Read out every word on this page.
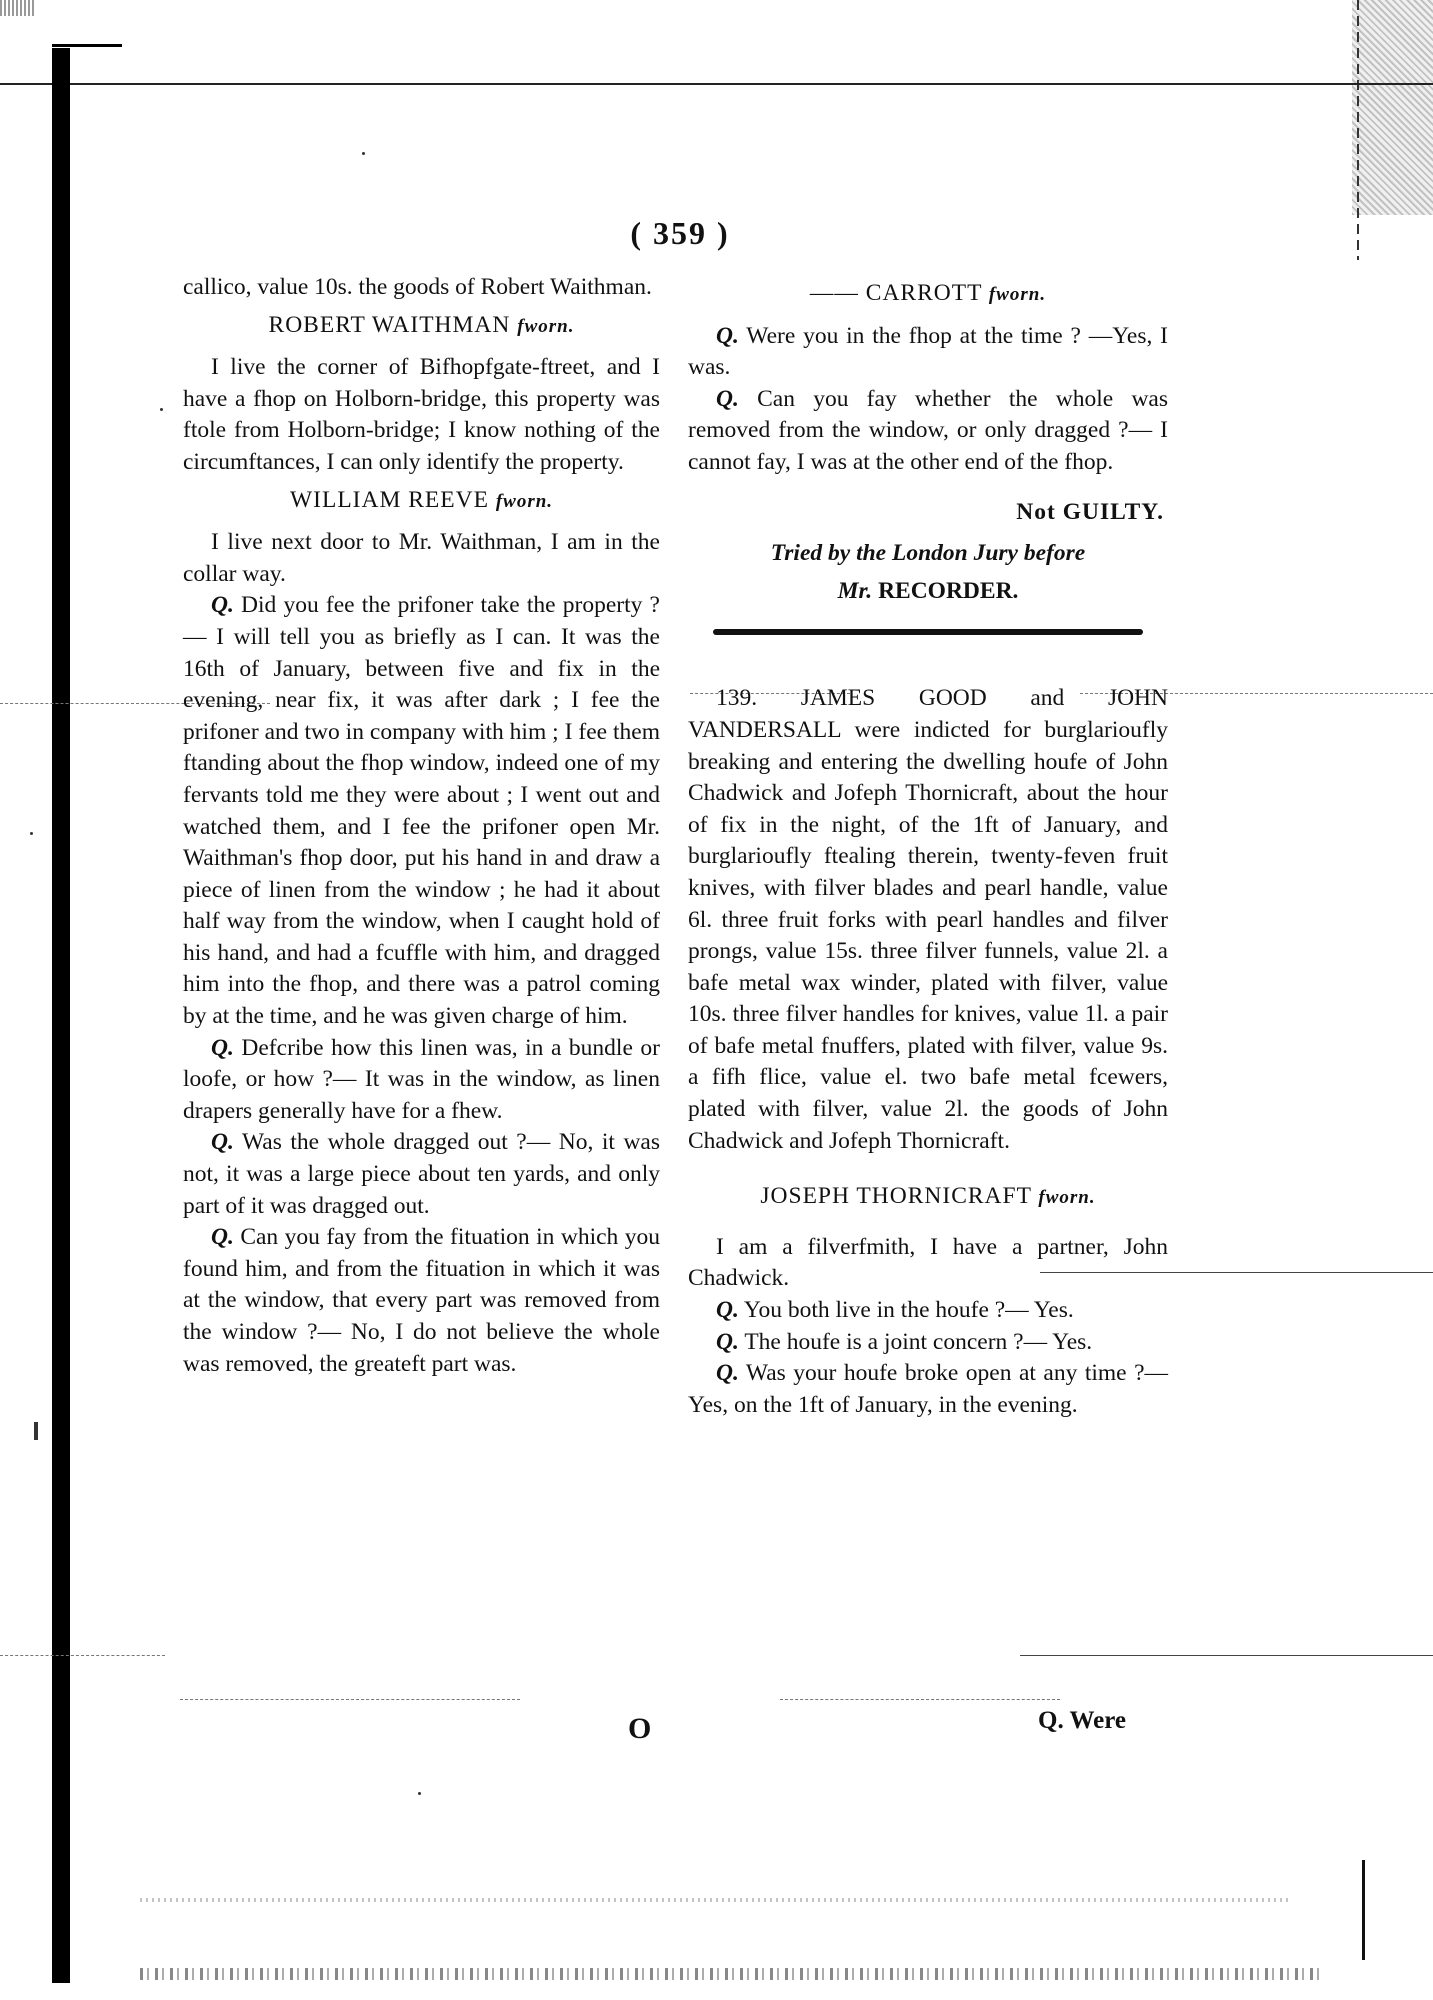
( 359 )

callico, value 10s. the goods of Robert Waithman.

ROBERT WAITHMAN fworn.

I live the corner of Bifhopfgate-ftreet, and I have a fhop on Holborn-bridge, this property was ftole from Holborn-bridge; I know nothing of the circumftances, I can only identify the property.

WILLIAM REEVE fworn.

I live next door to Mr. Waithman, I am in the collar way.

Q. Did you fee the prifoner take the property ?— I will tell you as briefly as I can. It was the 16th of January, between five and fix in the evening, near fix, it was after dark ; I fee the prifoner and two in company with him ; I fee them ftanding about the fhop window, indeed one of my fervants told me they were about ; I went out and watched them, and I fee the prifoner open Mr. Waithman's fhop door, put his hand in and draw a piece of linen from the window ; he had it about half way from the window, when I caught hold of his hand, and had a fcuffle with him, and dragged him into the fhop, and there was a patrol coming by at the time, and he was given charge of him.

Q. Defcribe how this linen was, in a bundle or loofe, or how ?— It was in the window, as linen drapers generally have for a fhew.

Q. Was the whole dragged out ?— No, it was not, it was a large piece about ten yards, and only part of it was dragged out.

Q. Can you fay from the fituation in which you found him, and from the fituation in which it was at the window, that every part was removed from the window ?— No, I do not believe the whole was removed, the greateft part was.

—— CARROTT fworn.

Q. Were you in the fhop at the time ? —Yes, I was.

Q. Can you fay whether the whole was removed from the window, or only dragged ?— I cannot fay, I was at the other end of the fhop.

Not GUILTY.

Tried by the London Jury before

Mr. RECORDER.

139. JAMES GOOD and JOHN VANDERSALL were indicted for burglarioufly breaking and entering the dwelling houfe of John Chadwick and Jofeph Thornicraft, about the hour of fix in the night, of the 1ft of January, and burglarioufly ftealing therein, twenty-feven fruit knives, with filver blades and pearl handle, value 6l. three fruit forks with pearl handles and filver prongs, value 15s. three filver funnels, value 2l. a bafe metal wax winder, plated with filver, value 10s. three filver handles for knives, value 1l. a pair of bafe metal fnuffers, plated with filver, value 9s. a fifh flice, value el. two bafe metal fcewers, plated with filver, value 2l. the goods of John Chadwick and Jofeph Thornicraft.

JOSEPH THORNICRAFT fworn.

I am a filverfmith, I have a partner, John Chadwick.

Q. You both live in the houfe ?— Yes.

Q. The houfe is a joint concern ?— Yes.

Q. Was your houfe broke open at any time ?— Yes, on the 1ft of January, in the evening.

O	Q. Were
